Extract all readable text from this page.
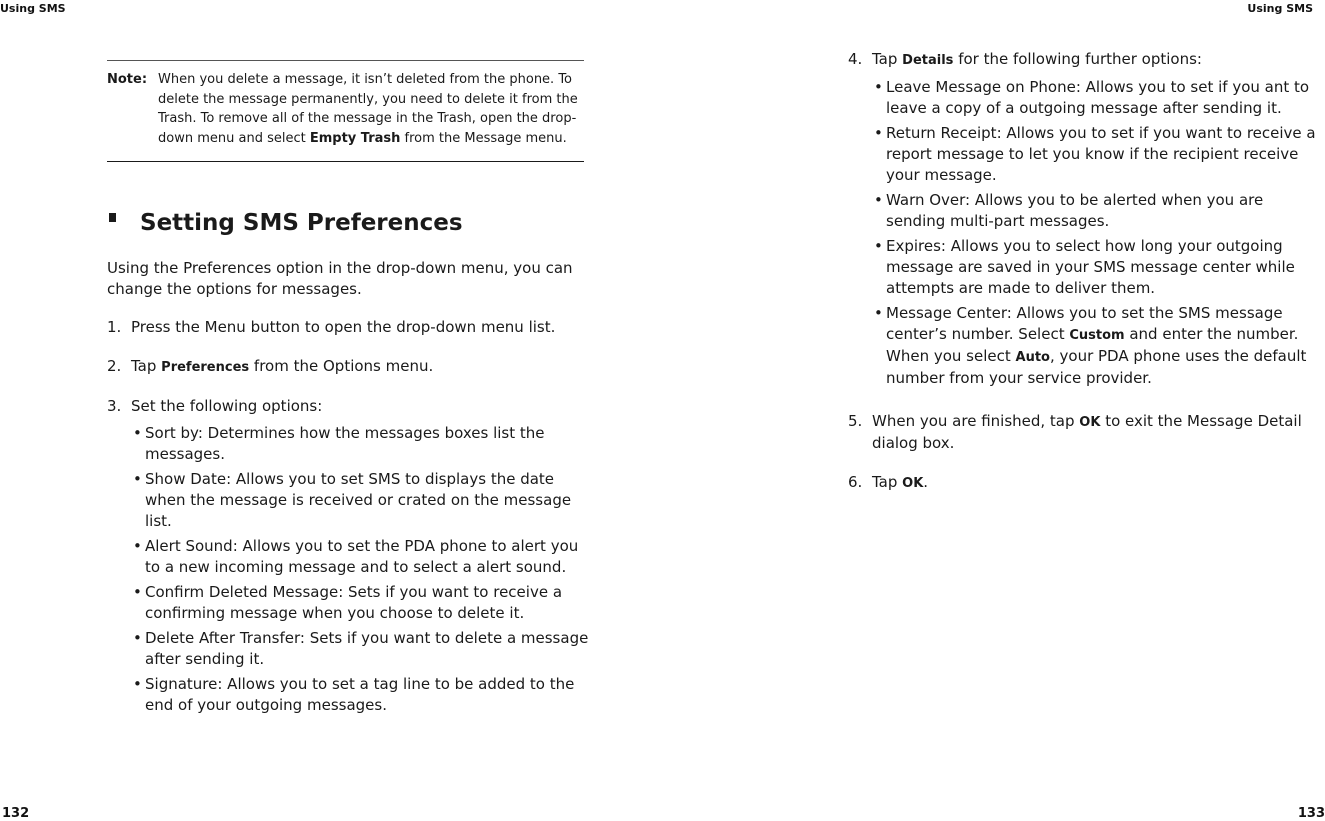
Using SMS	Using SMS
Note: When you delete a message, it isn’t deleted from the phone. To delete the message permanently, you need to delete it from the Trash. To remove all of the message in the Trash, open the drop-down menu and select Empty Trash from the Message menu.
Setting SMS Preferences
Using the Preferences option in the drop-down menu, you can change the options for messages.
1. Press the Menu button to open the drop-down menu list.
2. Tap Preferences from the Options menu.
3. Set the following options:
• Sort by: Determines how the messages boxes list the messages.
• Show Date: Allows you to set SMS to displays the date when the message is received or crated on the message list.
• Alert Sound: Allows you to set the PDA phone to alert you to a new incoming message and to select a alert sound.
• Confirm Deleted Message: Sets if you want to receive a confirming message when you choose to delete it.
• Delete After Transfer: Sets if you want to delete a message after sending it.
• Signature: Allows you to set a tag line to be added to the end of your outgoing messages.
4. Tap Details for the following further options:
• Leave Message on Phone: Allows you to set if you ant to leave a copy of a outgoing message after sending it.
• Return Receipt: Allows you to set if you want to receive a report message to let you know if the recipient receive your message.
• Warn Over: Allows you to be alerted when you are sending multi-part messages.
• Expires: Allows you to select how long your outgoing message are saved in your SMS message center while attempts are made to deliver them.
• Message Center: Allows you to set the SMS message center’s number. Select Custom and enter the number. When you select Auto, your PDA phone uses the default number from your service provider.
5. When you are finished, tap OK to exit the Message Detail dialog box.
6. Tap OK.
132	133
